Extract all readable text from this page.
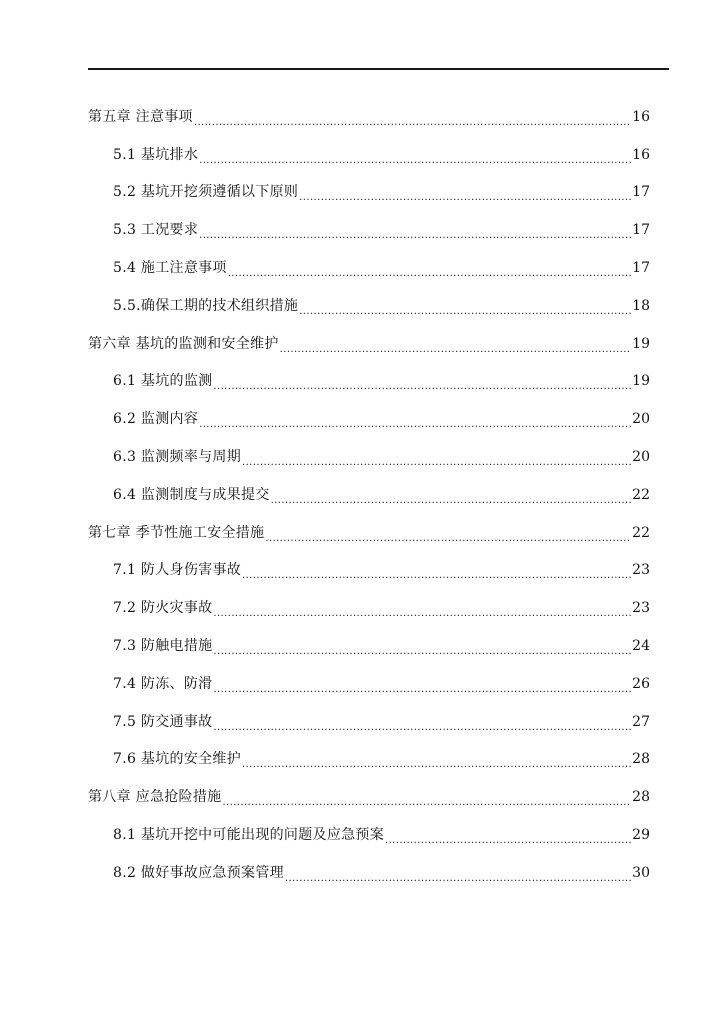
第五章 注意事项 .....	16
5.1 基坑排水 .....	16
5.2 基坑开挖须遵循以下原则 .....	17
5.3 工况要求 .....	17
5.4 施工注意事项 .....	17
5.5.确保工期的技术组织措施 .....	18
第六章 基坑的监测和安全维护 .....	19
6.1 基坑的监测 .....	19
6.2 监测内容 .....	20
6.3 监测频率与周期 .....	20
6.4 监测制度与成果提交 .....	22
第七章 季节性施工安全措施 .....	22
7.1 防人身伤害事故 .....	23
7.2 防火灾事故 .....	23
7.3 防触电措施 .....	24
7.4 防冻、防滑 .....	26
7.5 防交通事故 .....	27
7.6 基坑的安全维护 .....	28
第八章 应急抢险措施 .....	28
8.1 基坑开挖中可能出现的问题及应急预案 .....	29
8.2 做好事故应急预案管理 .....	30
